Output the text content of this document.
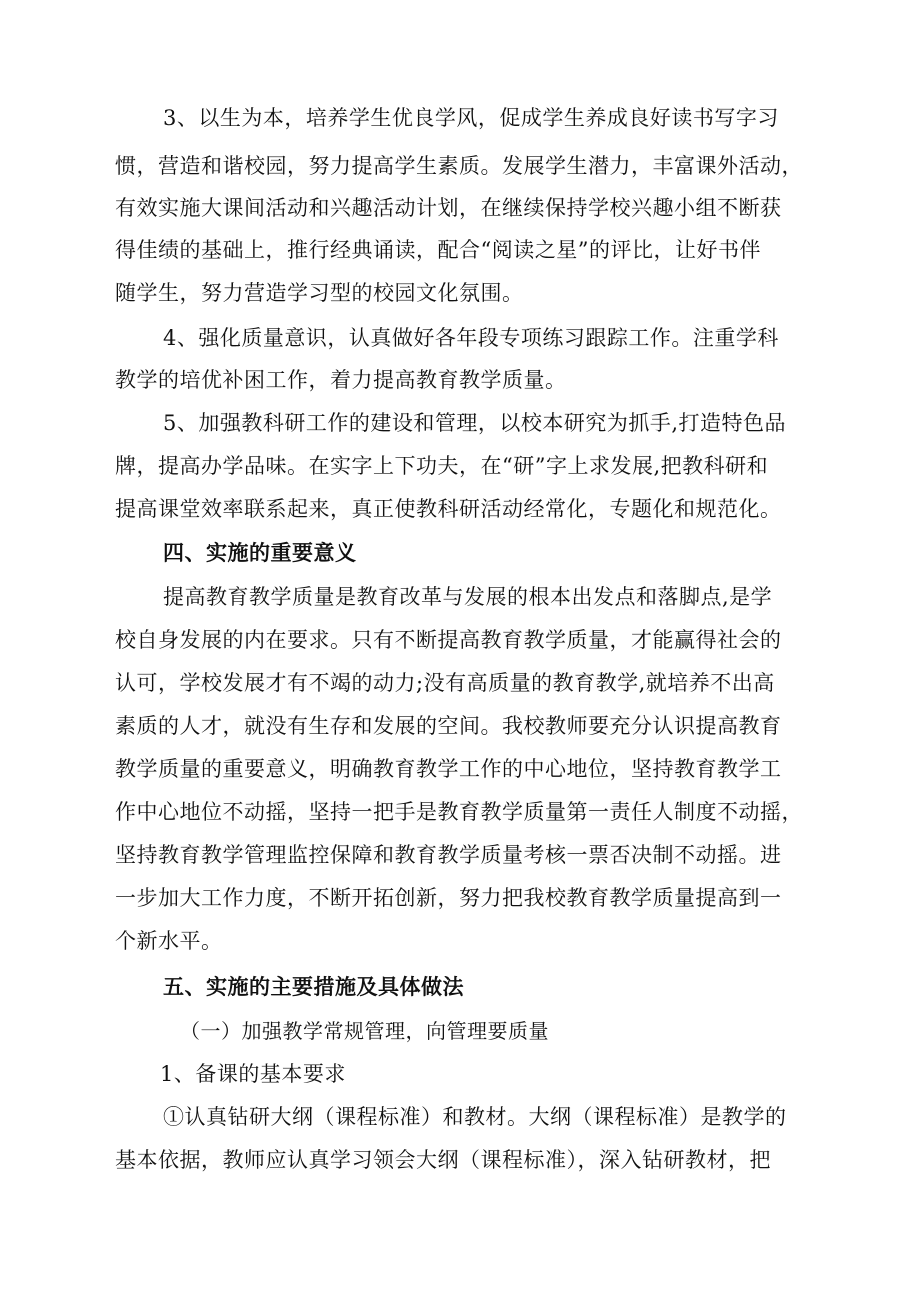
3、以生为本，培养学生优良学风，促成学生养成良好读书写字习
惯，营造和谐校园，努力提高学生素质。发展学生潜力，丰富课外活动，
有效实施大课间活动和兴趣活动计划，在继续保持学校兴趣小组不断获
得佳绩的基础上，推行经典诵读，配合“阅读之星”的评比，让好书伴
随学生，努力营造学习型的校园文化氛围。
4、强化质量意识，认真做好各年段专项练习跟踪工作。注重学科
教学的培优补困工作，着力提高教育教学质量。
5、加强教科研工作的建设和管理，以校本研究为抓手,打造特色品
牌，提高办学品味。在实字上下功夫，在“研”字上求发展,把教科研和
提高课堂效率联系起来，真正使教科研活动经常化，专题化和规范化。
四、实施的重要意义
提高教育教学质量是教育改革与发展的根本出发点和落脚点,是学
校自身发展的内在要求。只有不断提高教育教学质量，才能赢得社会的
认可，学校发展才有不竭的动力;没有高质量的教育教学,就培养不出高
素质的人才，就没有生存和发展的空间。我校教师要充分认识提高教育
教学质量的重要意义，明确教育教学工作的中心地位，坚持教育教学工
作中心地位不动摇，坚持一把手是教育教学质量第一责任人制度不动摇，
坚持教育教学管理监控保障和教育教学质量考核一票否决制不动摇。进
一步加大工作力度，不断开拓创新，努力把我校教育教学质量提高到一
个新水平。
五、实施的主要措施及具体做法
（一）加强教学常规管理，向管理要质量
1、备课的基本要求
①认真钻研大纲（课程标准）和教材。大纲（课程标准）是教学的
基本依据，教师应认真学习领会大纲（课程标准），深入钻研教材，把
